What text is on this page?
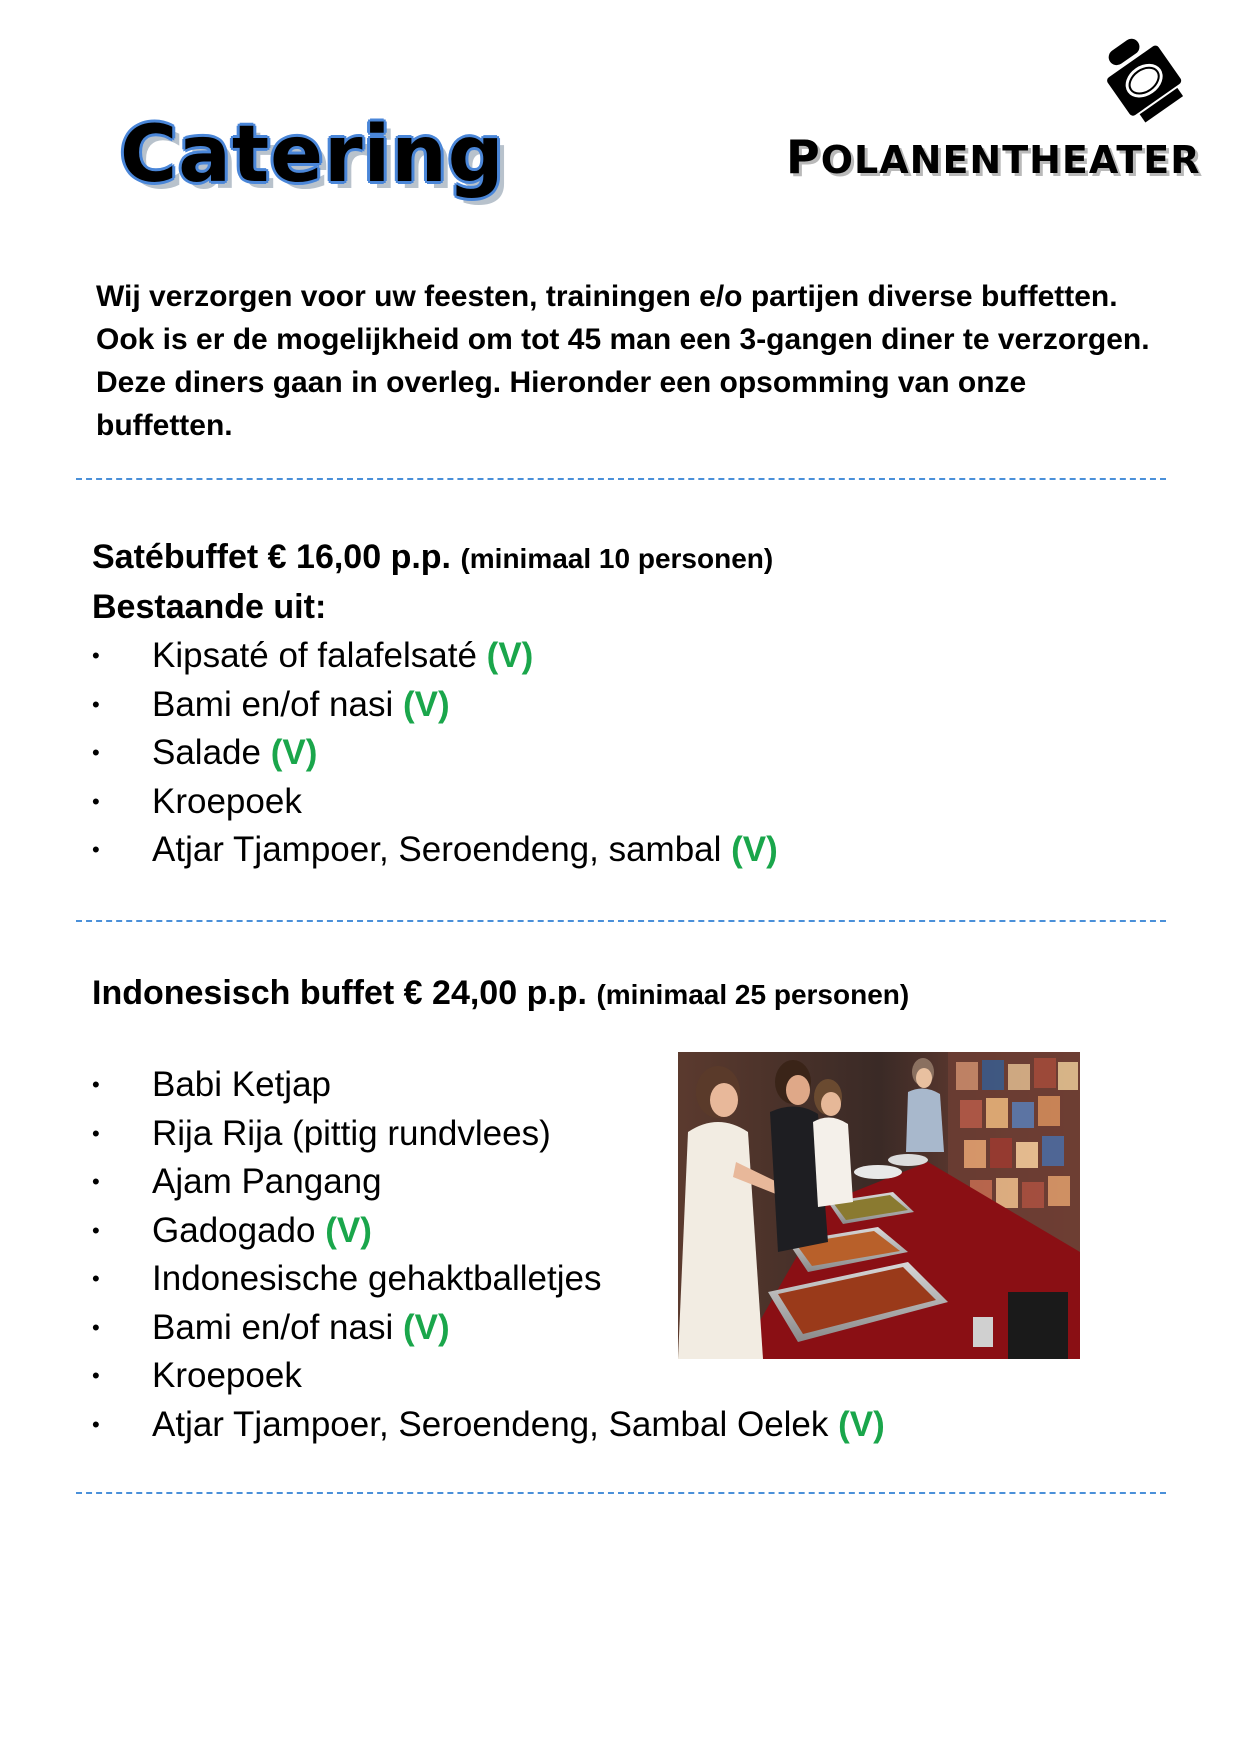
Catering	POLANENTHEATER

Wij verzorgen voor uw feesten, trainingen e/o partijen diverse buffetten. Ook is er de mogelijkheid om tot 45 man een 3-gangen diner te verzorgen. Deze diners gaan in overleg. Hieronder een opsomming van onze buffetten.

Satébuffet € 16,00 p.p. (minimaal 10 personen)
Bestaande uit:
• Kipsaté of falafelsaté (V)
• Bami en/of nasi (V)
• Salade (V)
• Kroepoek
• Atjar Tjampoer, Seroendeng, sambal (V)
Indonesisch buffet € 24,00 p.p. (minimaal 25 personen)
• Babi Ketjap
• Rija Rija (pittig rundvlees)
• Ajam Pangang
• Gadogado (V)
• Indonesische gehaktballetjes
• Bami en/of nasi (V)
• Kroepoek
• Atjar Tjampoer, Seroendeng, Sambal Oelek (V)
